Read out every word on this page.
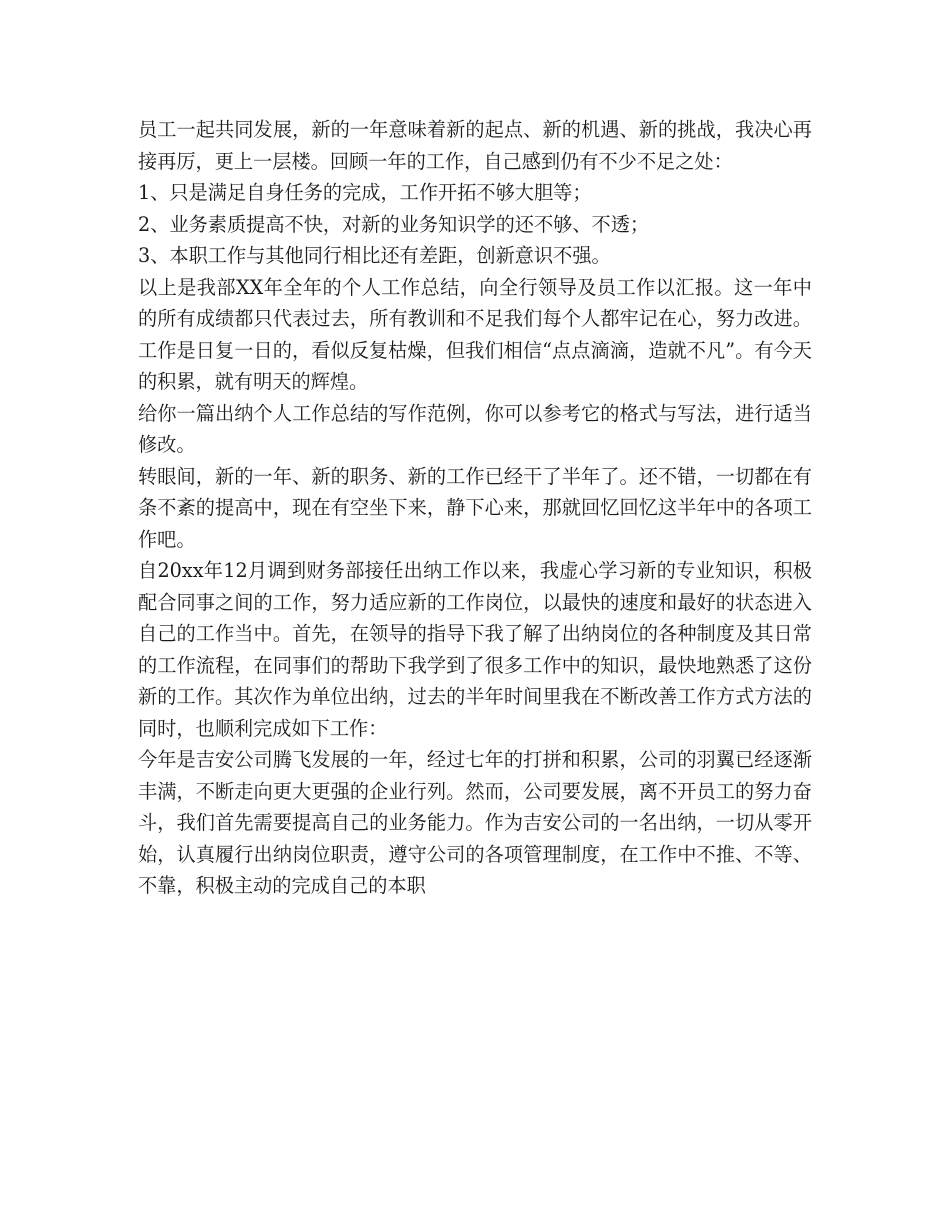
员工一起共同发展，新的一年意味着新的起点、新的机遇、新的挑战，我决心再接再厉，更上一层楼。回顾一年的工作，自己感到仍有不少不足之处：

1、只是满足自身任务的完成，工作开拓不够大胆等；

2、业务素质提高不快，对新的业务知识学的还不够、不透；

3、本职工作与其他同行相比还有差距，创新意识不强。

以上是我部XX年全年的个人工作总结，向全行领导及员工作以汇报。这一年中的所有成绩都只代表过去，所有教训和不足我们每个人都牢记在心，努力改进。工作是日复一日的，看似反复枯燥，但我们相信“点点滴滴，造就不凡”。有今天的积累，就有明天的辉煌。

给你一篇出纳个人工作总结的写作范例，你可以参考它的格式与写法，进行适当修改。

转眼间，新的一年、新的职务、新的工作已经干了半年了。还不错，一切都在有条不紊的提高中，现在有空坐下来，静下心来，那就回忆回忆这半年中的各项工作吧。

自20xx年12月调到财务部接任出纳工作以来，我虚心学习新的专业知识，积极配合同事之间的工作，努力适应新的工作岗位，以最快的速度和最好的状态进入自己的工作当中。首先，在领导的指导下我了解了出纳岗位的各种制度及其日常的工作流程，在同事们的帮助下我学到了很多工作中的知识，最快地熟悉了这份新的工作。其次作为单位出纳，过去的半年时间里我在不断改善工作方式方法的同时，也顺利完成如下工作：

今年是吉安公司腾飞发展的一年，经过七年的打拼和积累，公司的羽翼已经逐渐丰满，不断走向更大更强的企业行列。然而，公司要发展，离不开员工的努力奋斗，我们首先需要提高自己的业务能力。作为吉安公司的一名出纳，一切从零开始，认真履行出纳岗位职责，遵守公司的各项管理制度，在工作中不推、不等、不靠，积极主动的完成自己的本职
